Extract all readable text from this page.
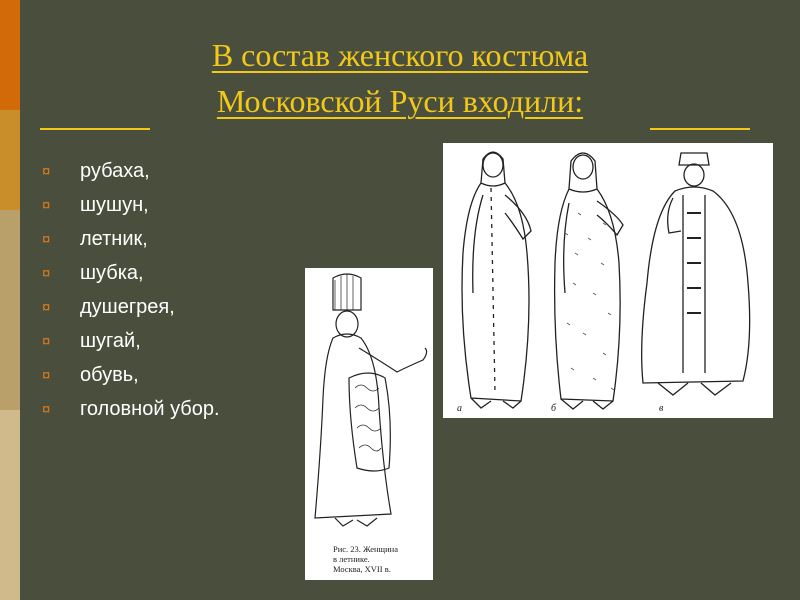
В состав женского костюма
Московской Руси входили:
¤ рубаха,
¤ шушун,
¤ летник,
¤ шубка,
¤ душегрея,
¤ шугай,
¤ обувь,
¤ головной убор.	а	б	в
Рис. 23. Женщина
в летнике.
Москва, XVII в.
